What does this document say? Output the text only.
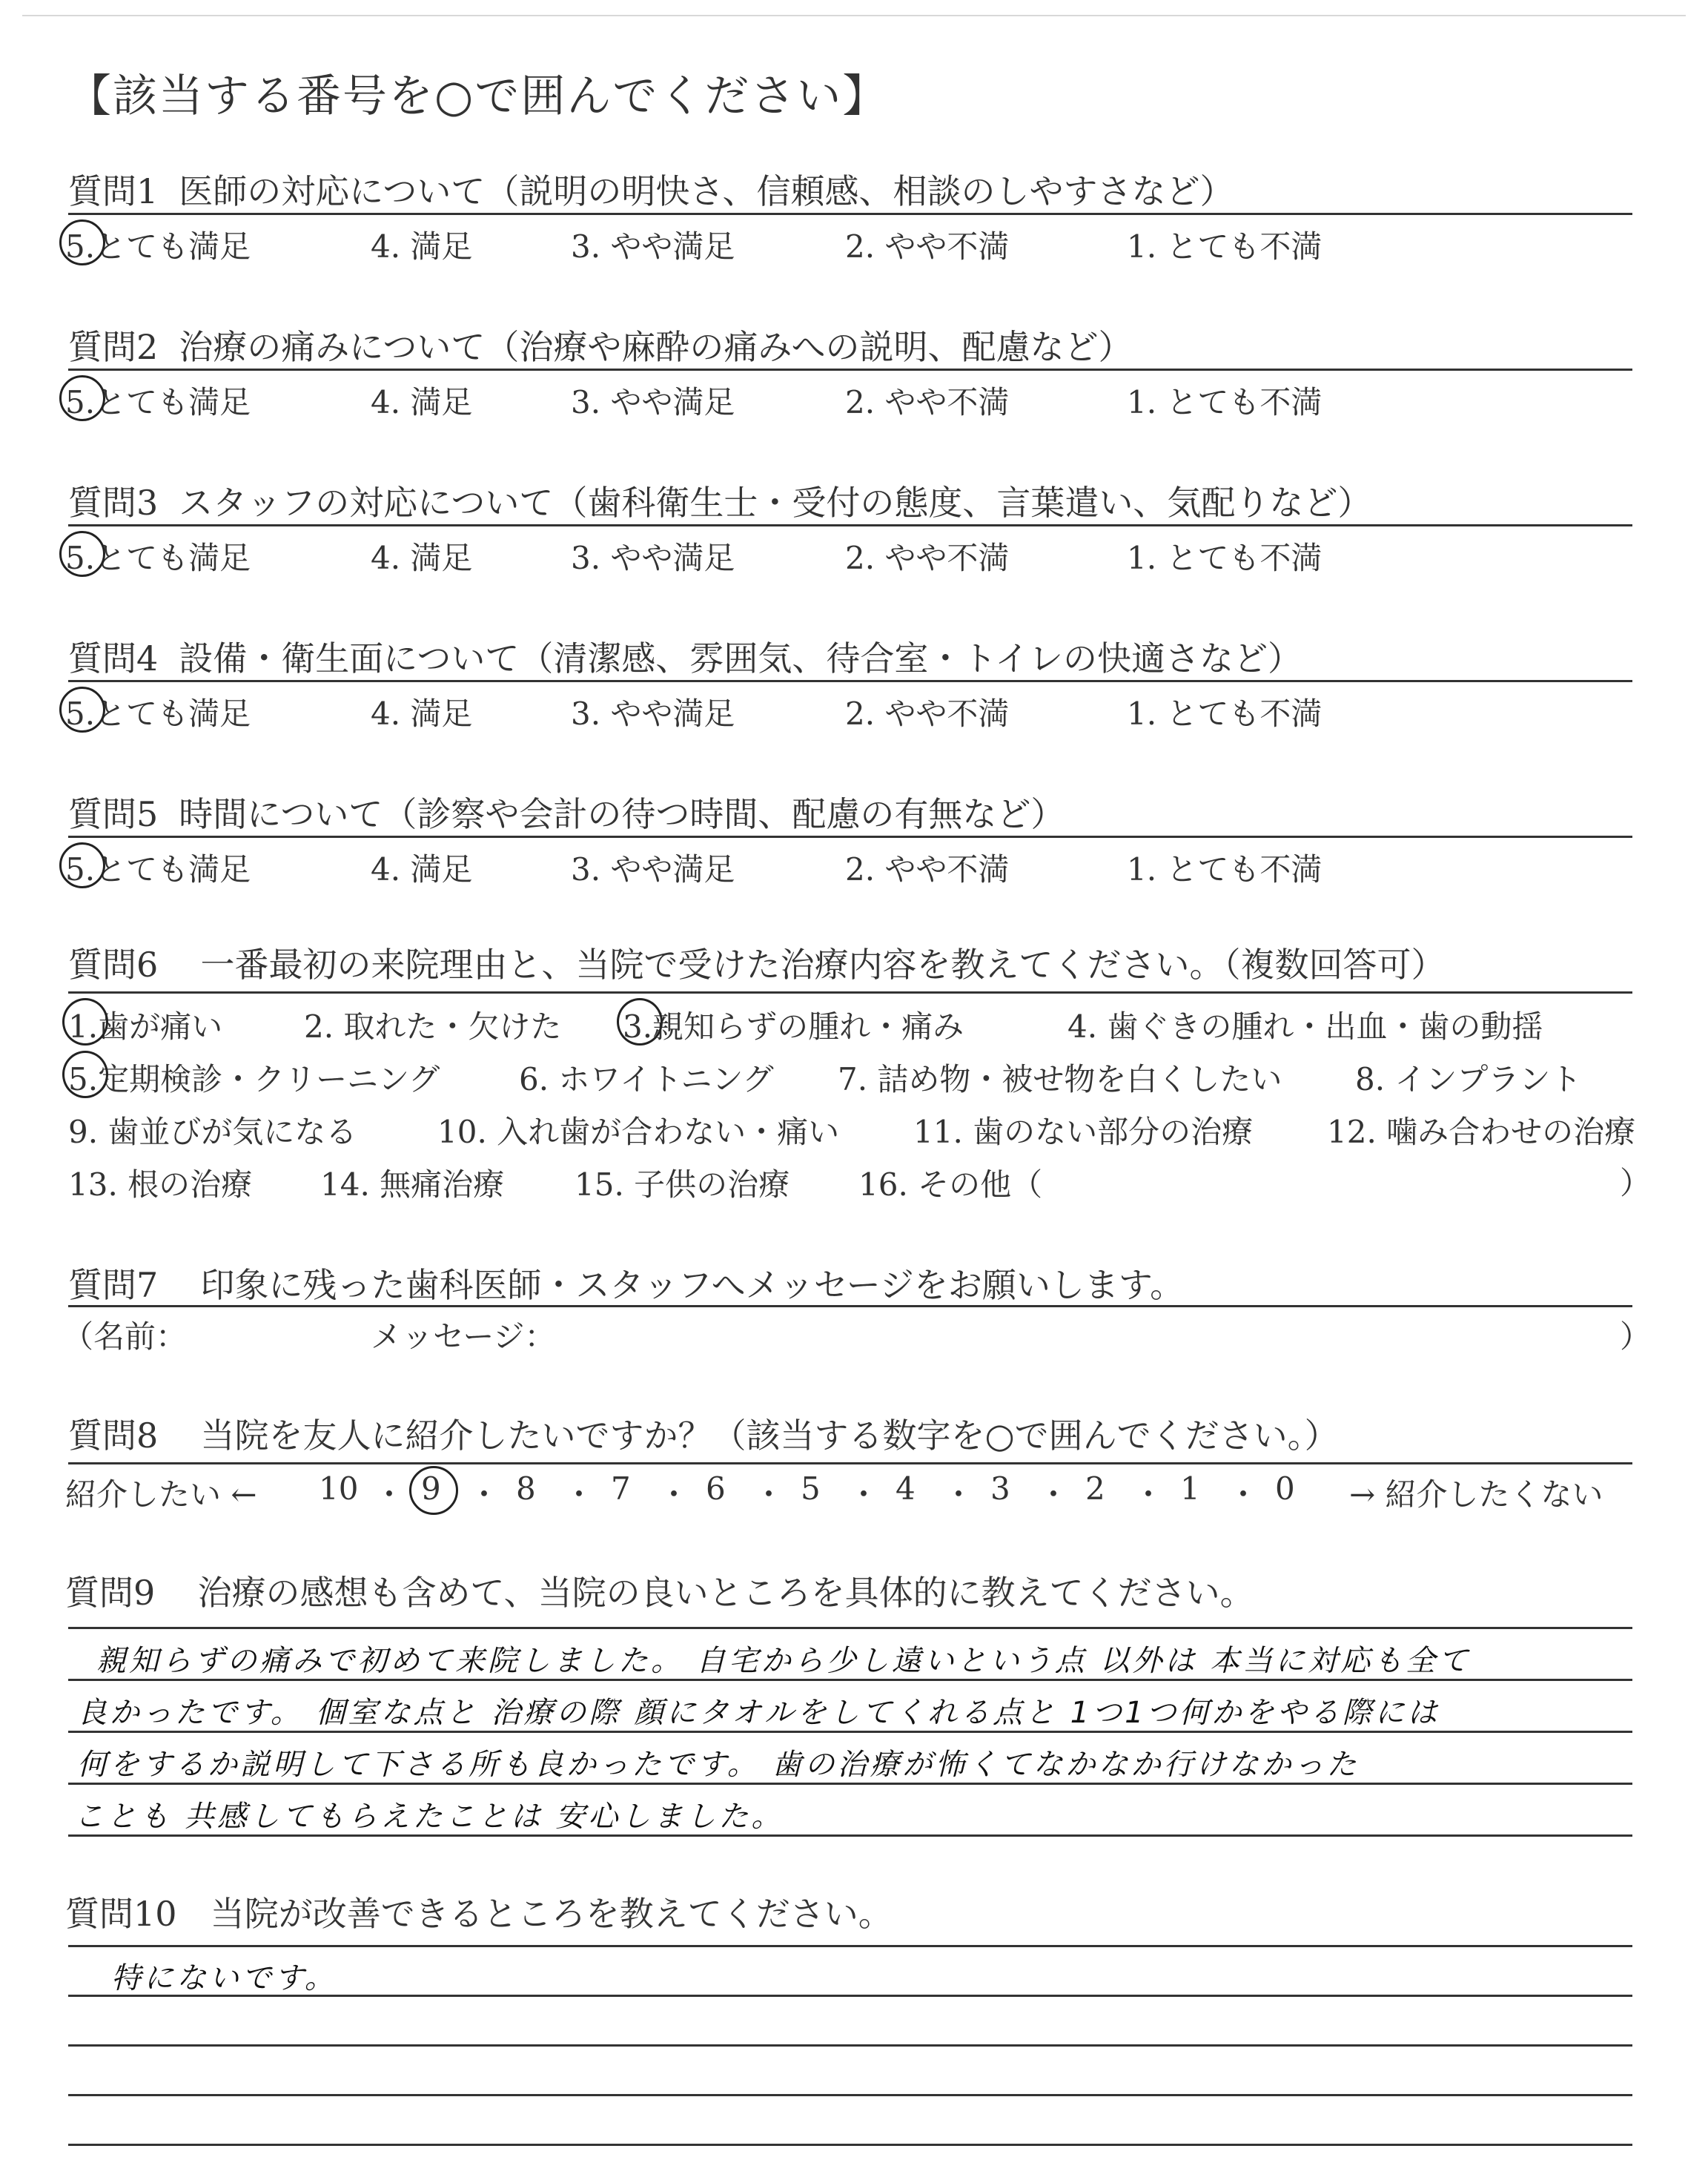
【該当する番号を○で囲んでください】
質問1 医師の対応について（説明の明快さ、信頼感、相談のしやすさなど）
5.とても満足	4. 満足	3. やや満足	2. やや不満	1. とても不満
質問2 治療の痛みについて（治療や麻酔の痛みへの説明、配慮など）
5.とても満足	4. 満足	3. やや満足	2. やや不満	1. とても不満
質問3 スタッフの対応について（歯科衛生士・受付の態度、言葉遣い、気配りなど）
5.とても満足	4. 満足	3. やや満足	2. やや不満	1. とても不満
質問4 設備・衛生面について（清潔感、雰囲気、待合室・トイレの快適さなど）
5.とても満足	4. 満足	3. やや満足	2. やや不満	1. とても不満
質問5 時間について（診察や会計の待つ時間、配慮の有無など）
5.とても満足	4. 満足	3. やや満足	2. やや不満	1. とても不満
質問6 一番最初の来院理由と、当院で受けた治療内容を教えてください。（複数回答可）
1.歯が痛い	2. 取れた・欠けた 3.親知らずの腫れ・痛み	4. 歯ぐきの腫れ・出血・歯の動揺
5.定期検診・クリーニング	6. ホワイトニング 7. 詰め物・被せ物を白くしたい 8. インプラント
9. 歯並びが気になる	10. 入れ歯が合わない・痛い 11. 歯のない部分の治療 12. 噛み合わせの治療
13. 根の治療 14. 無痛治療 15. 子供の治療 16. その他（	）
質問7 印象に残った歯科医師・スタッフへメッセージをお願いします。
（名前：	メッセージ：	）
質問8 当院を友人に紹介したいですか？（該当する数字を○で囲んでください。）
紹介したい ← 10 ・ 9 ・ 8 ・ 7 ・ 6 ・ 5 ・ 4 ・ 3 ・ 2 ・ 1 ・ 0 → 紹介したくない
質問9 治療の感想も含めて、当院の良いところを具体的に教えてください。
親知らずの痛みで初めて来院しました。 自宅から少し遠いという点 以外は 本当に対応も全て
良かったです。 個室な点と 治療の際 顔にタオルをしてくれる点と 1つ1つ何かをやる際には
何をするか説明して下さる所も良かったです。 歯の治療が怖くてなかなか行けなかった
ことも 共感してもらえたことは 安心しました。
質問10 当院が改善できるところを教えてください。
特にないです。
